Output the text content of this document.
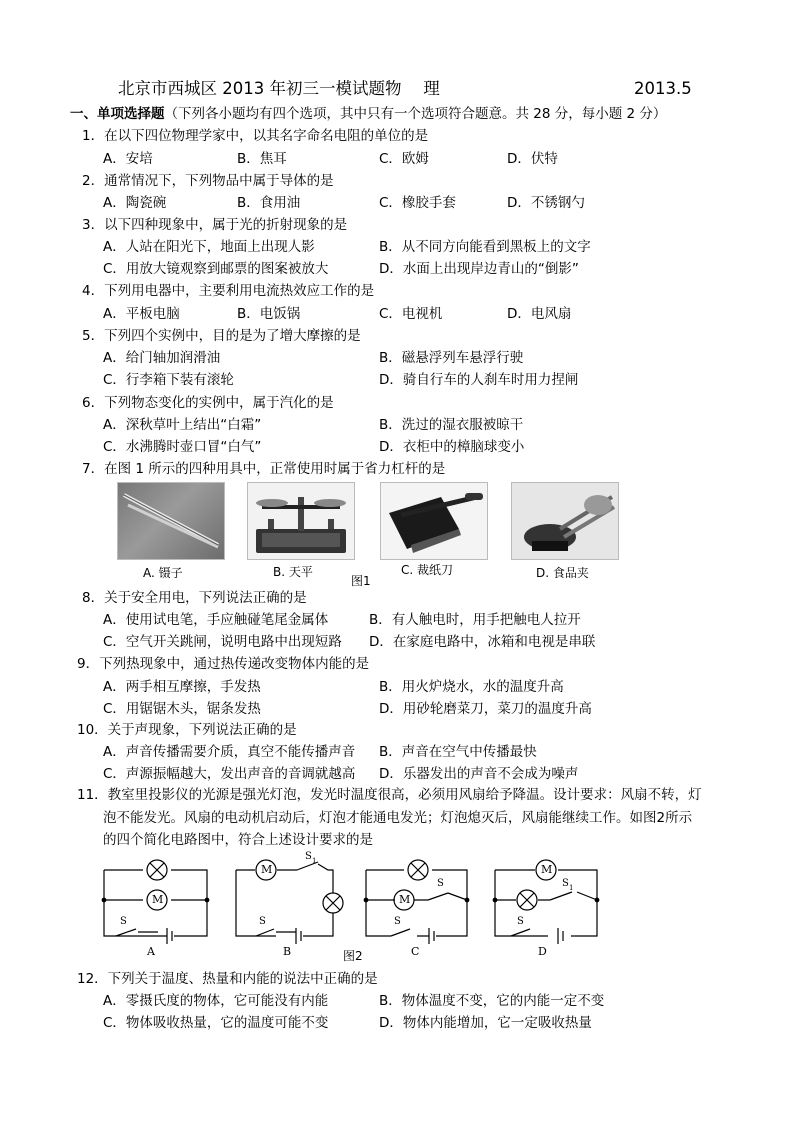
北京市西城区 2013 年初三一模试题物　 理	2013.5
一、单项选择题（下列各小题均有四个选项，其中只有一个选项符合题意。共 28 分，每小题 2 分）
1．在以下四位物理学家中，以其名字命名电阻的单位的是
A．安培	B．焦耳	C．欧姆	D．伏特
2．通常情况下，下列物品中属于导体的是
A．陶瓷碗	B．食用油	C．橡胶手套	D．不锈钢勺
3．以下四种现象中，属于光的折射现象的是
A．人站在阳光下，地面上出现人影	B．从不同方向能看到黑板上的文字
C．用放大镜观察到邮票的图案被放大	D．水面上出现岸边青山的“倒影”
4．下列用电器中，主要利用电流热效应工作的是
A．平板电脑	B．电饭锅	C．电视机	D．电风扇
5．下列四个实例中，目的是为了增大摩擦的是
A．给门轴加润滑油	B．磁悬浮列车悬浮行驶
C．行李箱下装有滚轮	D．骑自行车的人刹车时用力捏闸
6．下列物态变化的实例中，属于汽化的是
A．深秋草叶上结出“白霜”	B．洗过的湿衣服被晾干
C．水沸腾时壶口冒“白气”	D．衣柜中的樟脑球变小
7．在图 1 所示的四种用具中，正常使用时属于省力杠杆的是
A. 镊子	B. 天平	C. 裁纸刀	D. 食品夹
图1
8．关于安全用电，下列说法正确的是
A．使用试电笔，手应触碰笔尾金属体	B．有人触电时，用手把触电人拉开
C．空气开关跳闸，说明电路中出现短路 D．在家庭电路中，冰箱和电视是串联
9．下列热现象中，通过热传递改变物体内能的是
A．两手相互摩擦，手发热	B．用火炉烧水，水的温度升高
C．用锯锯木头，锯条发热	D．用砂轮磨菜刀，菜刀的温度升高
10．关于声现象，下列说法正确的是
A．声音传播需要介质，真空不能传播声音 B．声音在空气中传播最快
C．声源振幅越大，发出声音的音调就越高 D．乐器发出的声音不会成为噪声
11．教室里投影仪的光源是强光灯泡，发光时温度很高，必须用风扇给予降温。设计要求：风扇不转，灯
泡不能发光。风扇的电动机启动后，灯泡才能通电发光；灯泡熄灭后，风扇能继续工作。如图2所示
的四个简化电路图中，符合上述设计要求的是
M
M
M
M
S
S 1
S
S
S
S 1
S
A	B	C	D
图2
12．下列关于温度、热量和内能的说法中正确的是
A．零摄氏度的物体，它可能没有内能	B．物体温度不变，它的内能一定不变
C．物体吸收热量，它的温度可能不变	D．物体内能增加，它一定吸收热量
